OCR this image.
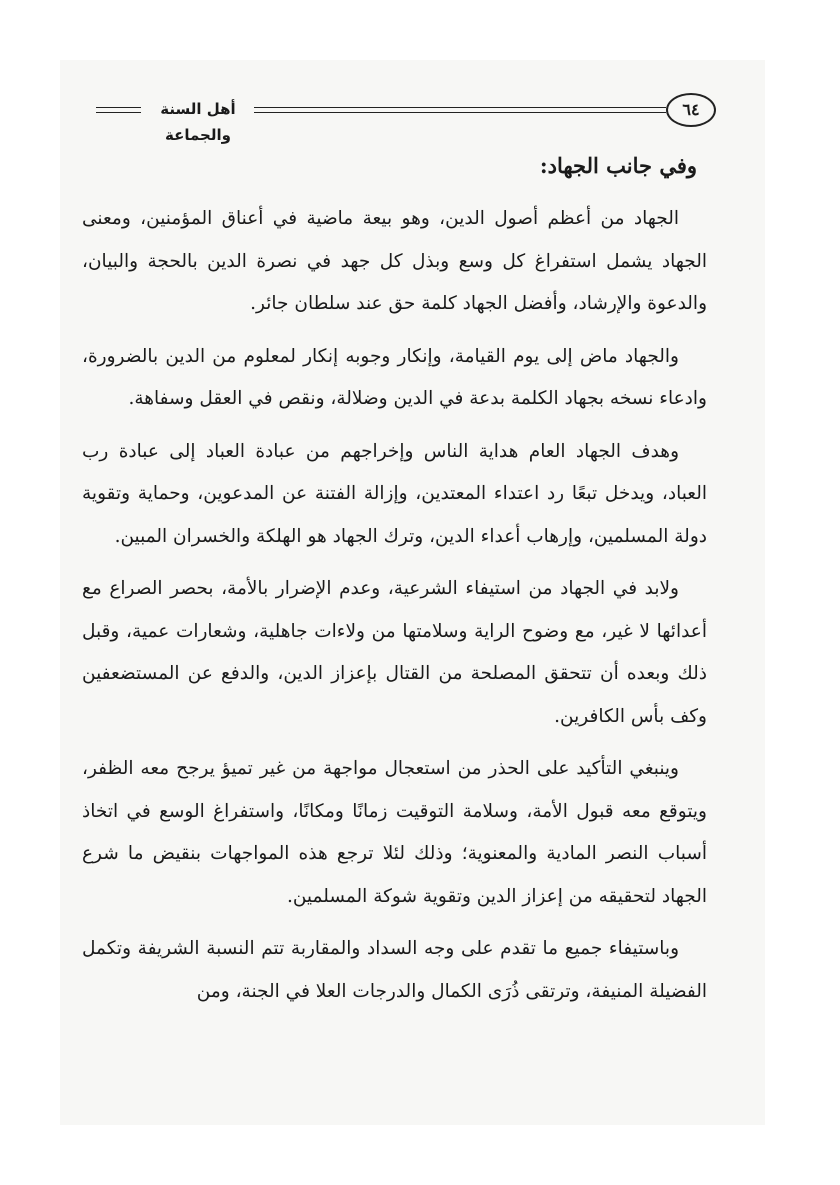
أهل السنة والجماعة
٦٤
وفي جانب الجهاد:

الجهاد من أعظم أصول الدين، وهو بيعة ماضية في أعناق المؤمنين، ومعنى الجهاد يشمل استفراغ كل وسع وبذل كل جهد في نصرة الدين بالحجة والبيان، والدعوة والإرشاد، وأفضل الجهاد كلمة حق عند سلطان جائر.

والجهاد ماض إلى يوم القيامة، وإنكار وجوبه إنكار لمعلوم من الدين بالضرورة، وادعاء نسخه بجهاد الكلمة بدعة في الدين وضلالة، ونقص في العقل وسفاهة.

وهدف الجهاد العام هداية الناس وإخراجهم من عبادة العباد إلى عبادة رب العباد، ويدخل تبعًا رد اعتداء المعتدين، وإزالة الفتنة عن المدعوين، وحماية وتقوية دولة المسلمين، وإرهاب أعداء الدين، وترك الجهاد هو الهلكة والخسران المبين.

ولابد في الجهاد من استيفاء الشرعية، وعدم الإضرار بالأمة، بحصر الصراع مع أعدائها لا غير، مع وضوح الراية وسلامتها من ولاءات جاهلية، وشعارات عمية، وقبل ذلك وبعده أن تتحقق المصلحة من القتال بإعزاز الدين، والدفع عن المستضعفين وكف بأس الكافرين.

وينبغي التأكيد على الحذر من استعجال مواجهة من غير تميؤ يرجح معه الظفر، ويتوقع معه قبول الأمة، وسلامة التوقيت زمانًا ومكانًا، واستفراغ الوسع في اتخاذ أسباب النصر المادية والمعنوية؛ وذلك لئلا ترجع هذه المواجهات بنقيض ما شرع الجهاد لتحقيقه من إعزاز الدين وتقوية شوكة المسلمين.

وباستيفاء جميع ما تقدم على وجه السداد والمقاربة تتم النسبة الشريفة وتكمل الفضيلة المنيفة، وترتقى ذُرَى الكمال والدرجات العلا في الجنة، ومن
